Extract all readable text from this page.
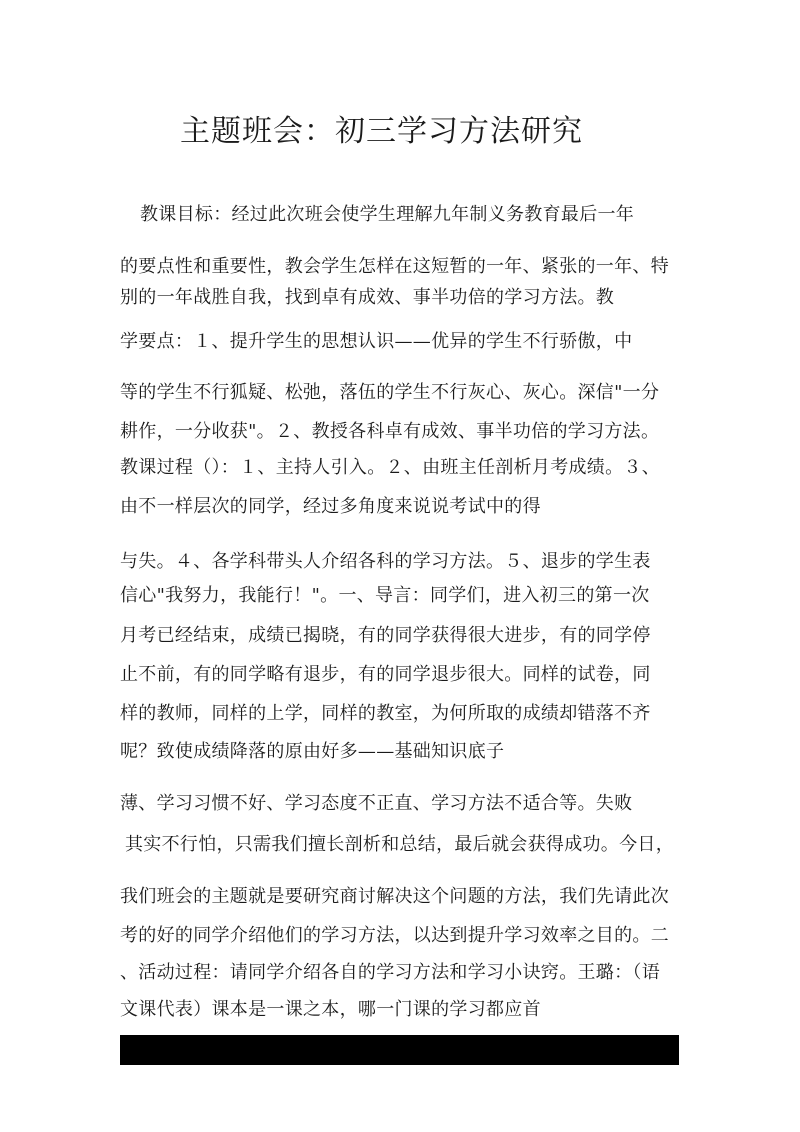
主题班会：初三学习方法研究
教课目标：经过此次班会使学生理解九年制义务教育最后一年
的要点性和重要性，教会学生怎样在这短暂的一年、紧张的一年、特
别的一年战胜自我，找到卓有成效、事半功倍的学习方法。教
学要点：１、提升学生的思想认识——优异的学生不行骄傲，中
等的学生不行狐疑、松弛，落伍的学生不行灰心、灰心。深信"一分
耕作，一分收获"。２、教授各科卓有成效、事半功倍的学习方法。
教课过程（）：１、主持人引入。２、由班主任剖析月考成绩。３、
由不一样层次的同学，经过多角度来说说考试中的得
与失。４、各学科带头人介绍各科的学习方法。５、退步的学生表
信心"我努力，我能行！"。一、导言：同学们，进入初三的第一次
月考已经结束，成绩已揭晓，有的同学获得很大进步，有的同学停
止不前，有的同学略有退步，有的同学退步很大。同样的试卷，同
样的教师，同样的上学，同样的教室，为何所取的成绩却错落不齐
呢？致使成绩降落的原由好多——基础知识底子
薄、学习习惯不好、学习态度不正直、学习方法不适合等。失败
其实不行怕，只需我们擅长剖析和总结，最后就会获得成功。今日，
我们班会的主题就是要研究商讨解决这个问题的方法，我们先请此次
考的好的同学介绍他们的学习方法，以达到提升学习效率之目的。二
、活动过程：请同学介绍各自的学习方法和学习小诀窍。王璐：（语
文课代表）课本是一课之本，哪一门课的学习都应首
